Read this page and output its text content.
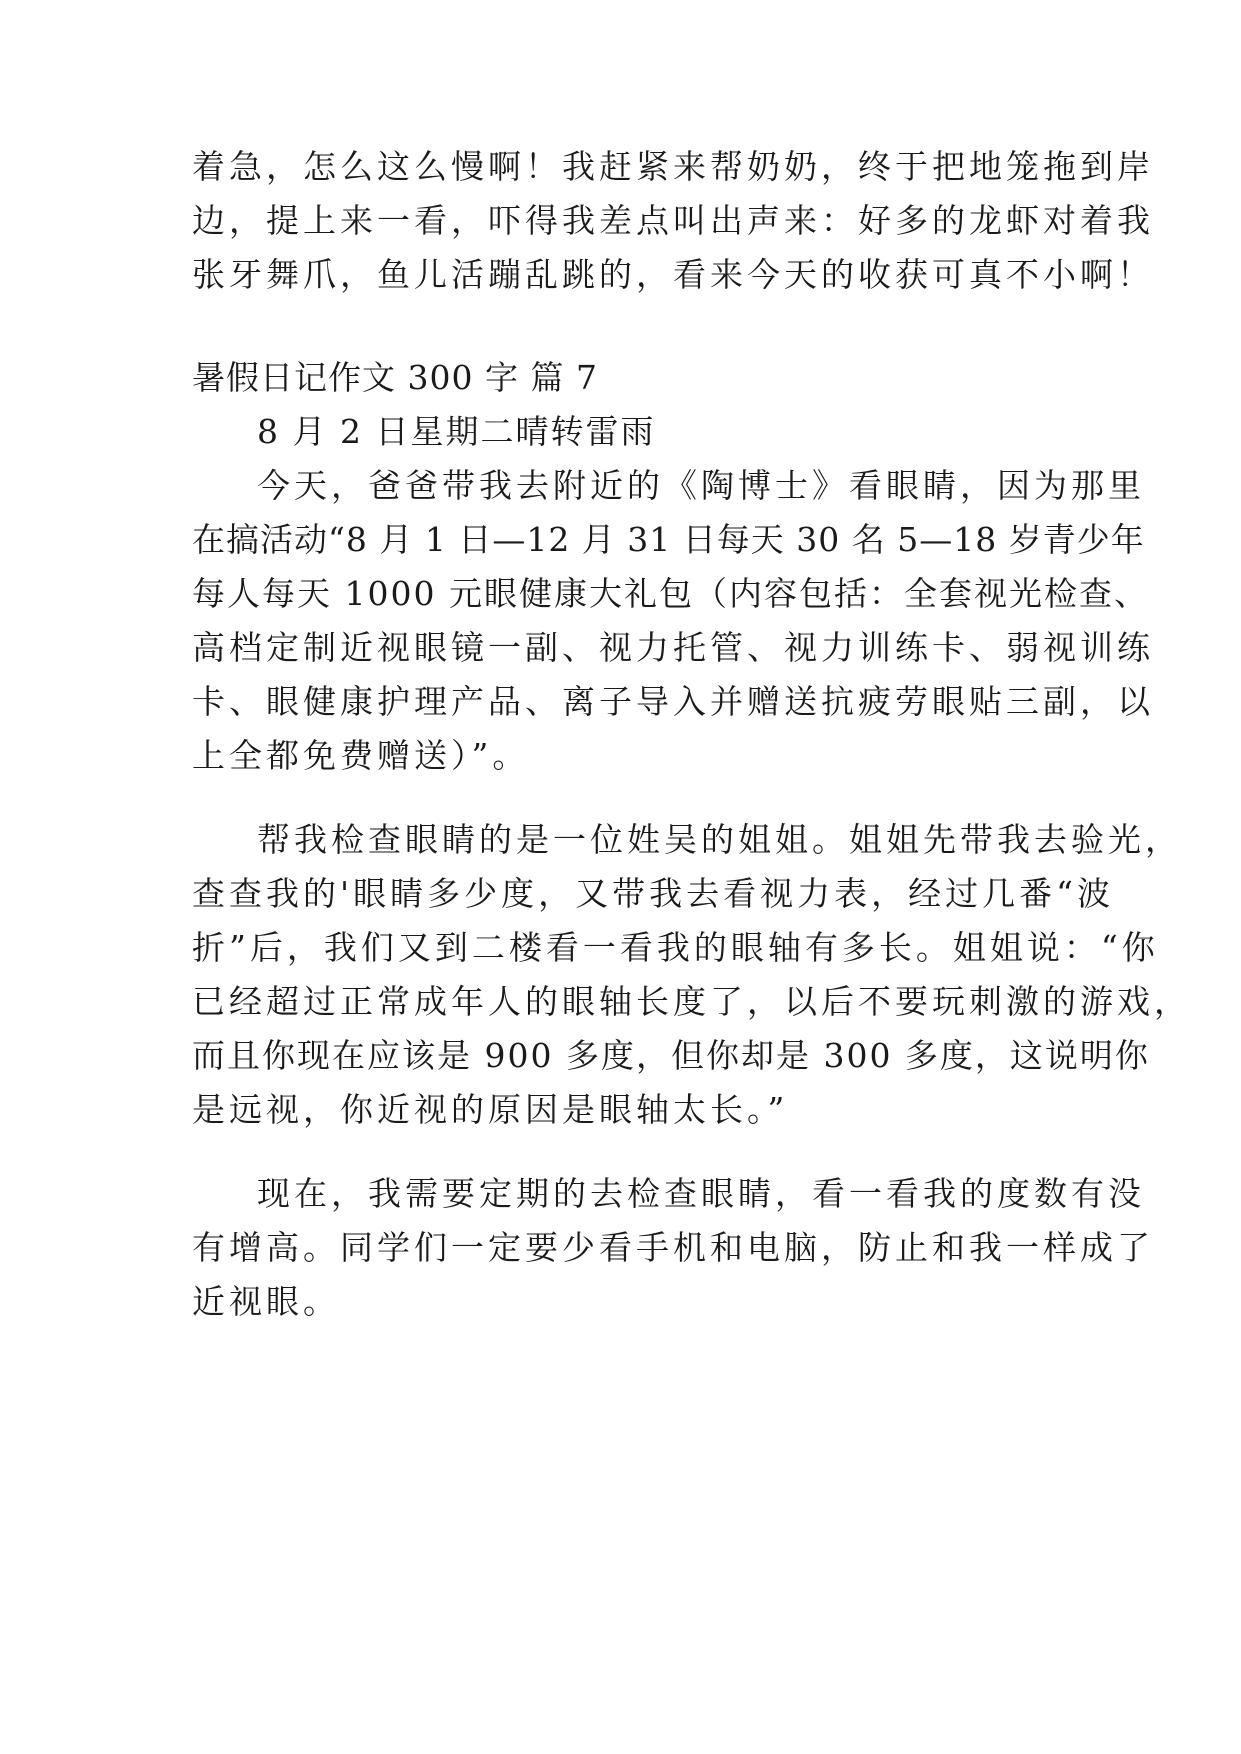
着急，怎么这么慢啊！我赶紧来帮奶奶，终于把地笼拖到岸
边，提上来一看，吓得我差点叫出声来：好多的龙虾对着我
张牙舞爪，鱼儿活蹦乱跳的，看来今天的收获可真不小啊！
暑假日记作文 300 字 篇 7
8 月 2 日星期二晴转雷雨
今天，爸爸带我去附近的《陶博士》看眼睛，因为那里
在搞活动“8 月 1 日—12 月 31 日每天 30 名 5—18 岁青少年
每人每天 1000 元眼健康大礼包（内容包括：全套视光检查、
高档定制近视眼镜一副、视力托管、视力训练卡、弱视训练
卡、眼健康护理产品、离子导入并赠送抗疲劳眼贴三副，以
上全都免费赠送）”。
帮我检查眼睛的是一位姓吴的姐姐。姐姐先带我去验光，
查查我的'眼睛多少度，又带我去看视力表，经过几番“波
折”后，我们又到二楼看一看我的眼轴有多长。姐姐说：“你
已经超过正常成年人的眼轴长度了，以后不要玩刺激的游戏，
而且你现在应该是 900 多度，但你却是 300 多度，这说明你
是远视，你近视的原因是眼轴太长。”
现在，我需要定期的去检查眼睛，看一看我的度数有没
有增高。同学们一定要少看手机和电脑，防止和我一样成了
近视眼。
